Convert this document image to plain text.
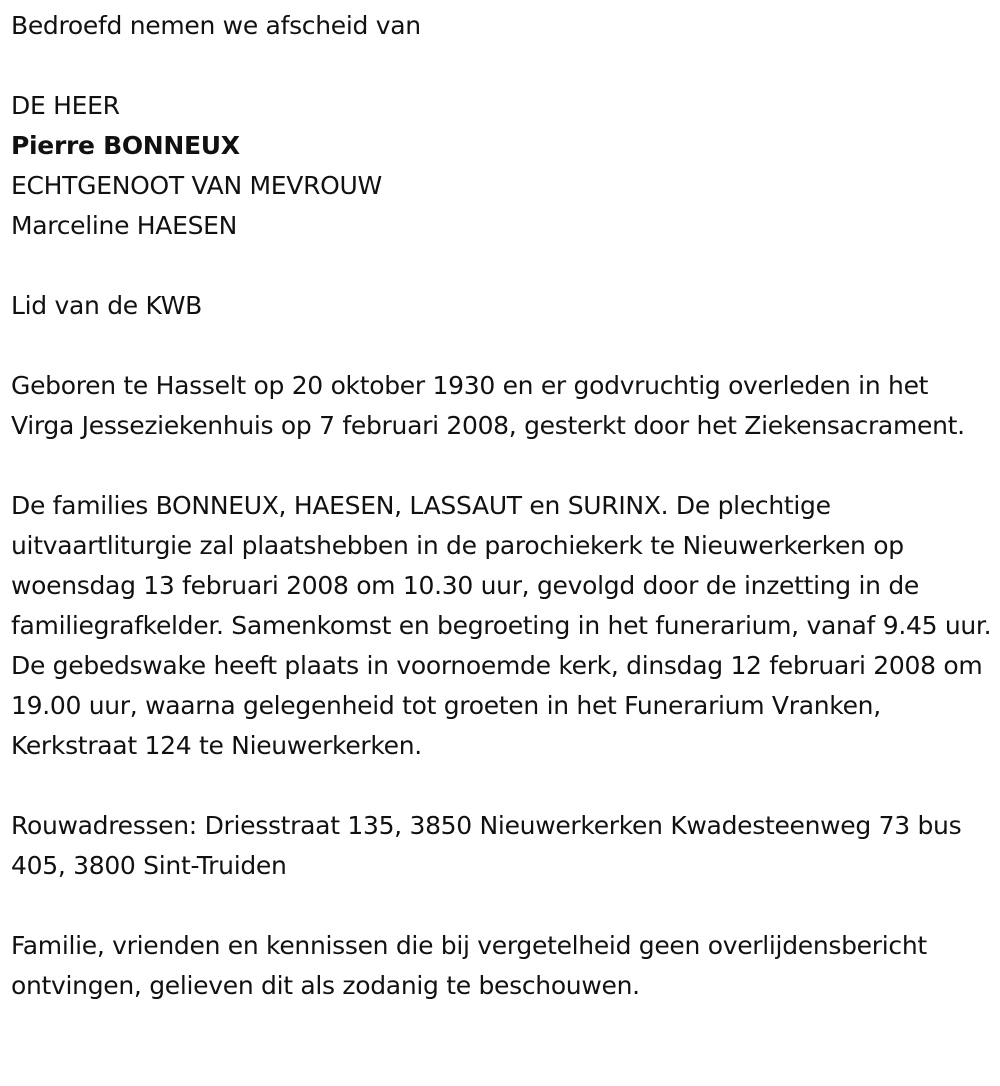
Bedroefd nemen we afscheid van

DE HEER

Pierre BONNEUX

ECHTGENOOT VAN MEVROUW

Marceline HAESEN

Lid van de KWB

Geboren te Hasselt op 20 oktober 1930 en er godvruchtig overleden in het Virga Jesseziekenhuis op 7 februari 2008, gesterkt door het Ziekensacrament.

De families BONNEUX, HAESEN, LASSAUT en SURINX. De plechtige uitvaartliturgie zal plaatshebben in de parochiekerk te Nieuwerkerken op woensdag 13 februari 2008 om 10.30 uur, gevolgd door de inzetting in de familiegrafkelder. Samenkomst en begroeting in het funerarium, vanaf 9.45 uur. De gebedswake heeft plaats in voornoemde kerk, dinsdag 12 februari 2008 om 19.00 uur, waarna gelegenheid tot groeten in het Funerarium Vranken, Kerkstraat 124 te Nieuwerkerken.

Rouwadressen: Driesstraat 135, 3850 Nieuwerkerken Kwadesteenweg 73 bus 405, 3800 Sint-Truiden

Familie, vrienden en kennissen die bij vergetelheid geen overlijdensbericht ontvingen, gelieven dit als zodanig te beschouwen.
